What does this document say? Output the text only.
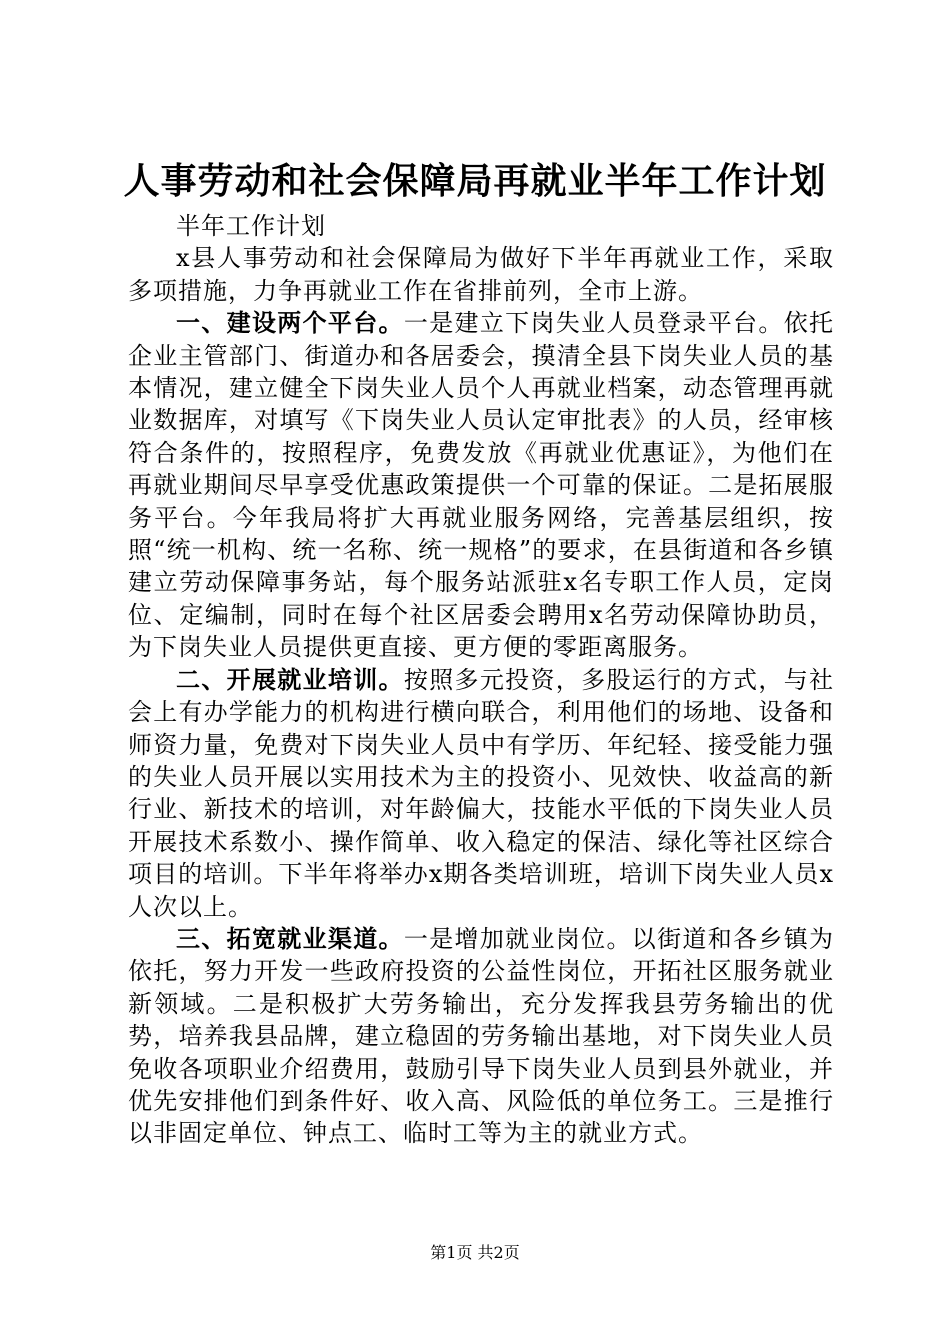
人事劳动和社会保障局再就业半年工作计划

半年工作计划

x县人事劳动和社会保障局为做好下半年再就业工作，采取多项措施，力争再就业工作在省排前列，全市上游。

一、建设两个平台。一是建立下岗失业人员登录平台。依托企业主管部门、街道办和各居委会，摸清全县下岗失业人员的基本情况，建立健全下岗失业人员个人再就业档案，动态管理再就业数据库，对填写《下岗失业人员认定审批表》的人员，经审核符合条件的，按照程序，免费发放《再就业优惠证》，为他们在再就业期间尽早享受优惠政策提供一个可靠的保证。二是拓展服务平台。今年我局将扩大再就业服务网络，完善基层组织，按照“统一机构、统一名称、统一规格”的要求，在县街道和各乡镇建立劳动保障事务站，每个服务站派驻x名专职工作人员，定岗位、定编制，同时在每个社区居委会聘用x名劳动保障协助员，为下岗失业人员提供更直接、更方便的零距离服务。

二、开展就业培训。按照多元投资，多股运行的方式，与社会上有办学能力的机构进行横向联合，利用他们的场地、设备和师资力量，免费对下岗失业人员中有学历、年纪轻、接受能力强的失业人员开展以实用技术为主的投资小、见效快、收益高的新行业、新技术的培训，对年龄偏大，技能水平低的下岗失业人员开展技术系数小、操作简单、收入稳定的保洁、绿化等社区综合项目的培训。下半年将举办x期各类培训班，培训下岗失业人员x人次以上。

三、拓宽就业渠道。一是增加就业岗位。以街道和各乡镇为依托，努力开发一些政府投资的公益性岗位，开拓社区服务就业新领域。二是积极扩大劳务输出，充分发挥我县劳务输出的优势，培养我县品牌，建立稳固的劳务输出基地，对下岗失业人员免收各项职业介绍费用，鼓励引导下岗失业人员到县外就业，并优先安排他们到条件好、收入高、风险低的单位务工。三是推行以非固定单位、钟点工、临时工等为主的就业方式。

第1页 共2页
